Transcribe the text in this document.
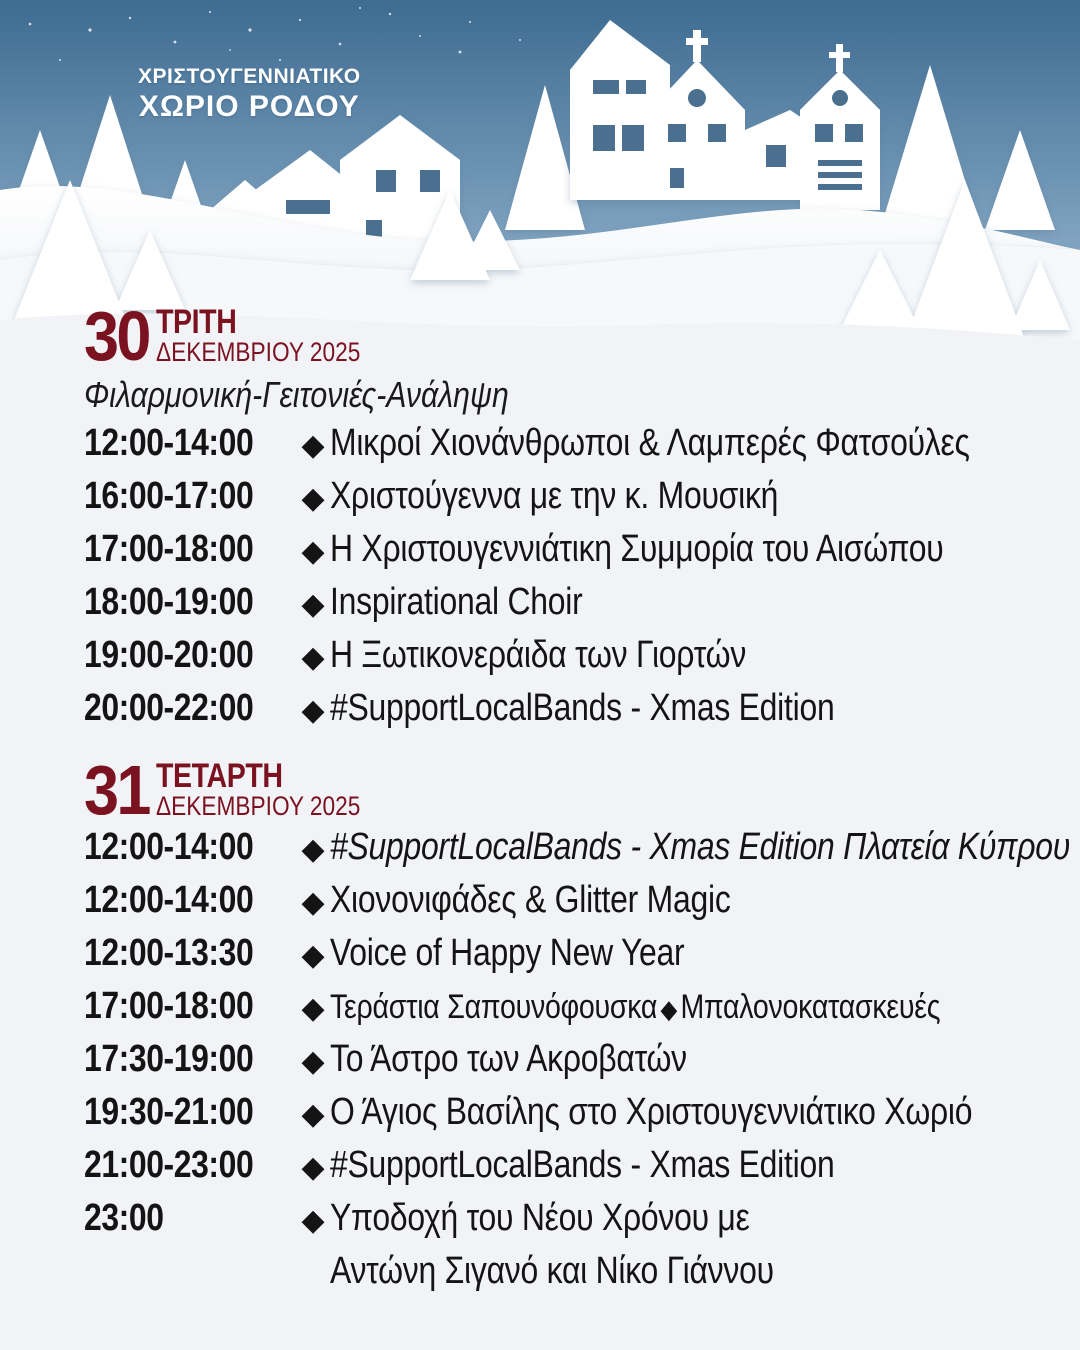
ΧΡΙΣΤΟΥΓΕΝΝΙΑΤΙΚΟ
ΧΩΡΙΟ ΡΟΔΟΥ
30 ΤΡΙΤΗ
ΔΕΚΕΜΒΡΙΟΥ 2025
Φιλαρμονική-Γειτονιές-Ανάληψη
12:00-14:00 ◆ Μικροί Χιονάνθρωποι & Λαμπερές Φατσούλες
16:00-17:00 ◆ Χριστούγεννα με την κ. Μουσική
17:00-18:00 ◆ Η Χριστουγεννιάτικη Συμμορία του Αισώπου
18:00-19:00 ◆ Inspirational Choir
19:00-20:00 ◆ Η Ξωτικονεράιδα των Γιορτών
20:00-22:00 ◆ #SupportLocalBands - Xmas Edition
31 ΤΕΤΑΡΤΗ
ΔΕΚΕΜΒΡΙΟΥ 2025
12:00-14:00 ◆ #SupportLocalBands - Xmas Edition Πλατεία Κύπρου
12:00-14:00 ◆ Χιονονιφάδες & Glitter Magic
12:00-13:30 ◆ Voice of Happy New Year
17:00-18:00 ◆ Τεράστια Σαπουνόφουσκα ◆Μπαλονοκατασκευές
17:30-19:00 ◆ Το Άστρο των Ακροβατών
19:30-21:00 ◆ Ο Άγιος Βασίλης στο Χριστουγεννιάτικο Χωριό
21:00-23:00 ◆ #SupportLocalBands - Xmas Edition
23:00	◆ Υποδοχή του Νέου Χρόνου με
Αντώνη Σιγανό και Νίκο Γιάννου
